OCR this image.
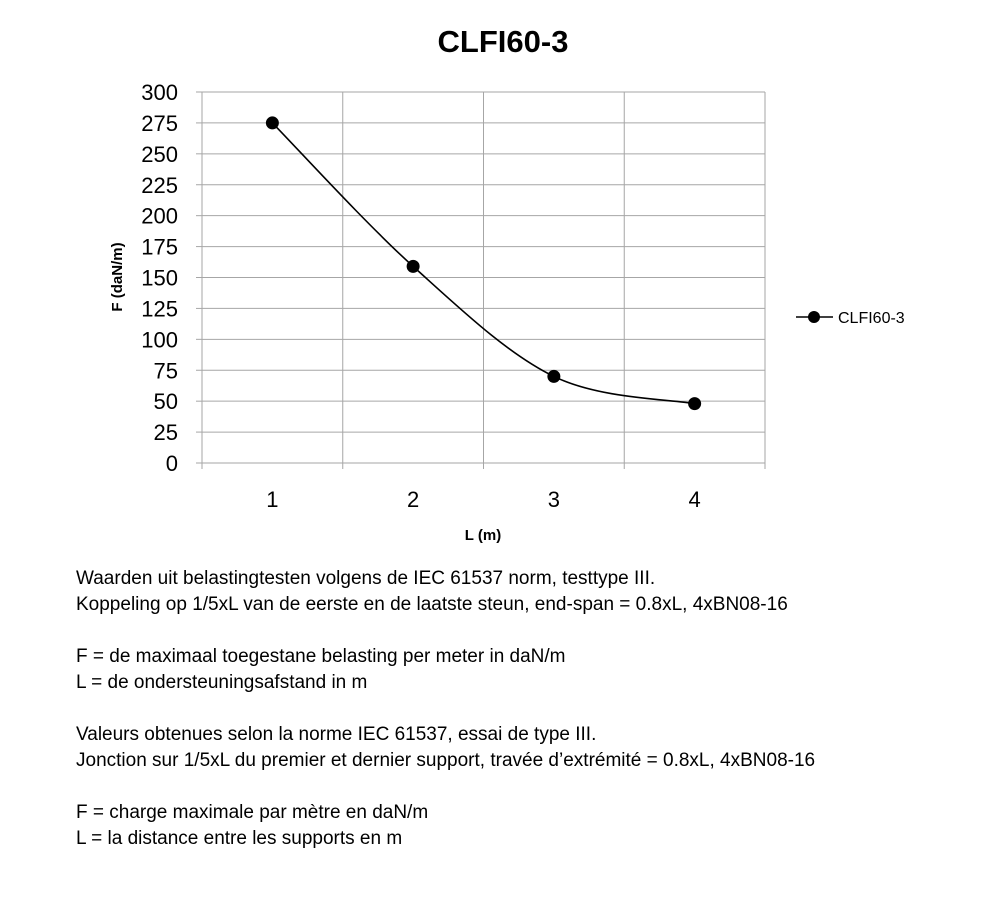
CLFI60-3
0
25
50
75
100
125
150
175
200
225
250
275
300
1	2	3	4
L (m)
F (daN/m)
CLFI60-3
Waarden uit belastingtesten volgens de IEC 61537 norm, testtype III.
Koppeling op 1/5xL van de eerste en de laatste steun, end-span = 0.8xL, 4xBN08-16
F = de maximaal toegestane belasting per meter in daN/m
L = de ondersteuningsafstand in m
Valeurs obtenues selon la norme IEC 61537, essai de type III.
Jonction sur 1/5xL du premier et dernier support, travée d’extrémité = 0.8xL, 4xBN08-16
F = charge maximale par mètre en daN/m
L = la distance entre les supports en m
